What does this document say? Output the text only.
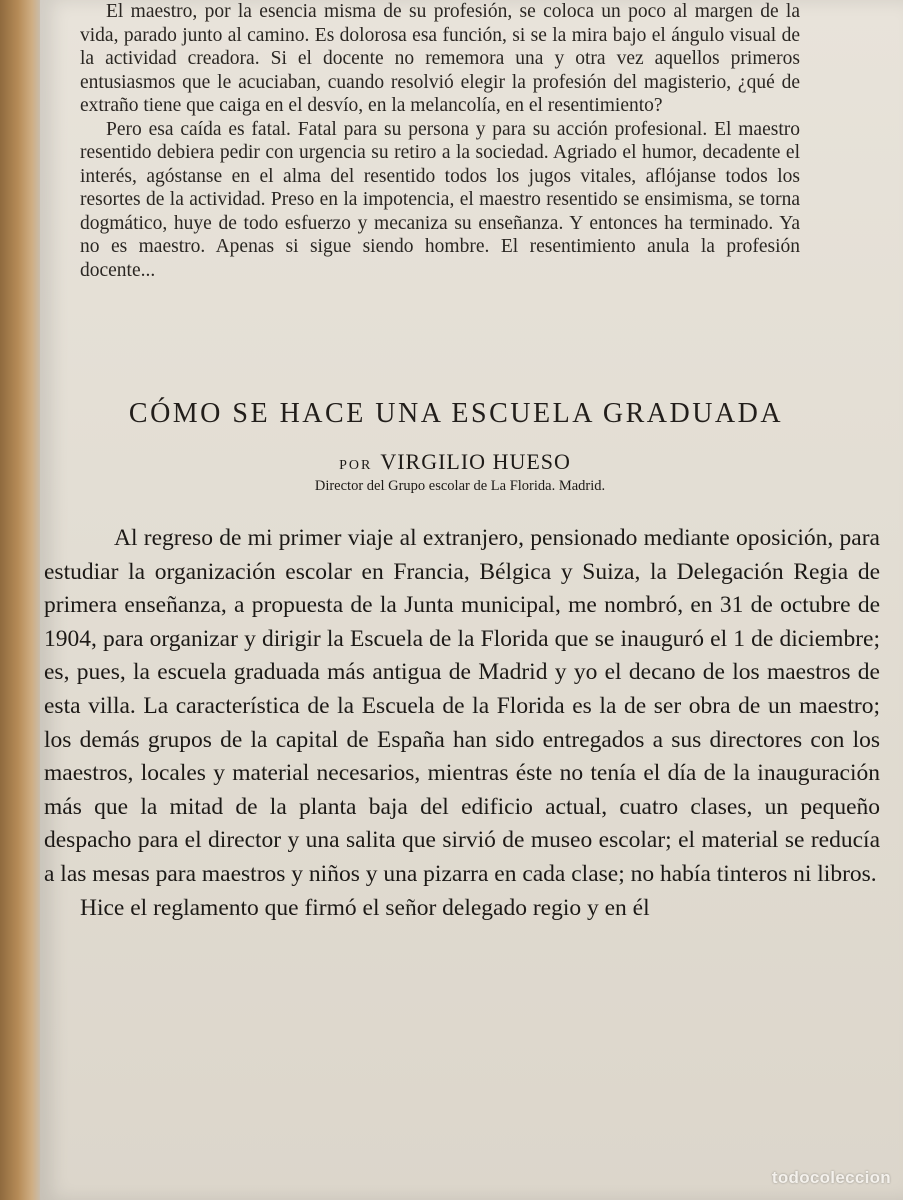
El maestro, por la esencia misma de su profesión, se coloca un poco al margen de la vida, parado junto al camino. Es dolorosa esa función, si se la mira bajo el ángulo visual de la actividad creadora. Si el docente no rememora una y otra vez aquellos primeros entusiasmos que le acuciaban, cuando resolvió elegir la profesión del magisterio, ¿qué de extraño tiene que caiga en el desvío, en la melancolía, en el resentimiento?

Pero esa caída es fatal. Fatal para su persona y para su acción profesional. El maestro resentido debiera pedir con urgencia su retiro a la sociedad. Agriado el humor, decadente el interés, agóstanse en el alma del resentido todos los jugos vitales, aflójanse todos los resortes de la actividad. Preso en la impotencia, el maestro resentido se ensimisma, se torna dogmático, huye de todo esfuerzo y mecaniza su enseñanza. Y entonces ha terminado. Ya no es maestro. Apenas si sigue siendo hombre. El resentimiento anula la profesión docente...

CÓMO SE HACE UNA ESCUELA GRADUADA
POR VIRGILIO HUESO
Director del Grupo escolar de La Florida. Madrid.

Al regreso de mi primer viaje al extranjero, pensionado mediante oposición, para estudiar la organización escolar en Francia, Bélgica y Suiza, la Delegación Regia de primera enseñanza, a propuesta de la Junta municipal, me nombró, en 31 de octubre de 1904, para organizar y dirigir la Escuela de la Florida que se inauguró el 1 de diciembre; es, pues, la escuela graduada más antigua de Madrid y yo el decano de los maestros de esta villa. La característica de la Escuela de la Florida es la de ser obra de un maestro; los demás grupos de la capital de España han sido entregados a sus directores con los maestros, locales y material necesarios, mientras éste no tenía el día de la inauguración más que la mitad de la planta baja del edificio actual, cuatro clases, un pequeño despacho para el director y una salita que sirvió de museo escolar; el material se reducía a las mesas para maestros y niños y una pizarra en cada clase; no había tinteros ni libros.

Hice el reglamento que firmó el señor delegado regio y en él

todocoleccion
